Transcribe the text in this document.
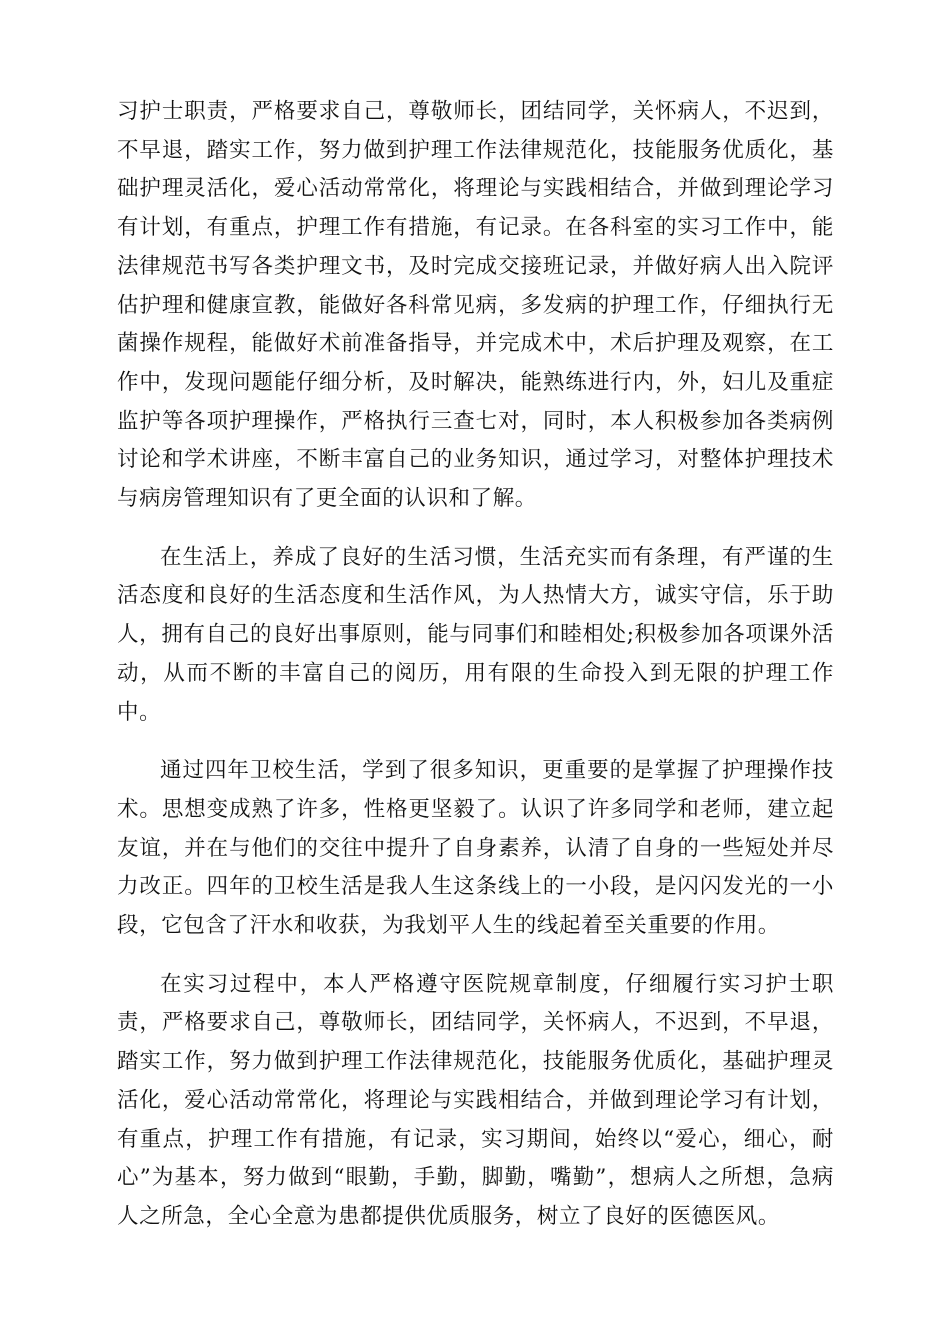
习护士职责，严格要求自己，尊敬师长，团结同学，关怀病人，不迟到，不早退，踏实工作，努力做到护理工作法律规范化，技能服务优质化，基础护理灵活化，爱心活动常常化，将理论与实践相结合，并做到理论学习有计划，有重点，护理工作有措施，有记录。在各科室的实习工作中，能法律规范书写各类护理文书，及时完成交接班记录，并做好病人出入院评估护理和健康宣教，能做好各科常见病，多发病的护理工作，仔细执行无菌操作规程，能做好术前准备指导，并完成术中，术后护理及观察，在工作中，发现问题能仔细分析，及时解决，能熟练进行内，外，妇儿及重症监护等各项护理操作，严格执行三查七对，同时，本人积极参加各类病例讨论和学术讲座，不断丰富自己的业务知识，通过学习，对整体护理技术与病房管理知识有了更全面的认识和了解。

在生活上，养成了良好的生活习惯，生活充实而有条理，有严谨的生活态度和良好的生活态度和生活作风，为人热情大方，诚实守信，乐于助人，拥有自己的良好出事原则，能与同事们和睦相处;积极参加各项课外活动，从而不断的丰富自己的阅历，用有限的生命投入到无限的护理工作中。

通过四年卫校生活，学到了很多知识，更重要的是掌握了护理操作技术。思想变成熟了许多，性格更坚毅了。认识了许多同学和老师，建立起友谊，并在与他们的交往中提升了自身素养，认清了自身的一些短处并尽力改正。四年的卫校生活是我人生这条线上的一小段，是闪闪发光的一小段，它包含了汗水和收获，为我划平人生的线起着至关重要的作用。

在实习过程中，本人严格遵守医院规章制度，仔细履行实习护士职责，严格要求自己，尊敬师长，团结同学，关怀病人，不迟到，不早退，踏实工作，努力做到护理工作法律规范化，技能服务优质化，基础护理灵活化，爱心活动常常化，将理论与实践相结合，并做到理论学习有计划，有重点，护理工作有措施，有记录，实习期间，始终以“爱心，细心，耐心”为基本，努力做到“眼勤，手勤，脚勤，嘴勤”，想病人之所想，急病人之所急，全心全意为患都提供优质服务，树立了良好的医德医风。
